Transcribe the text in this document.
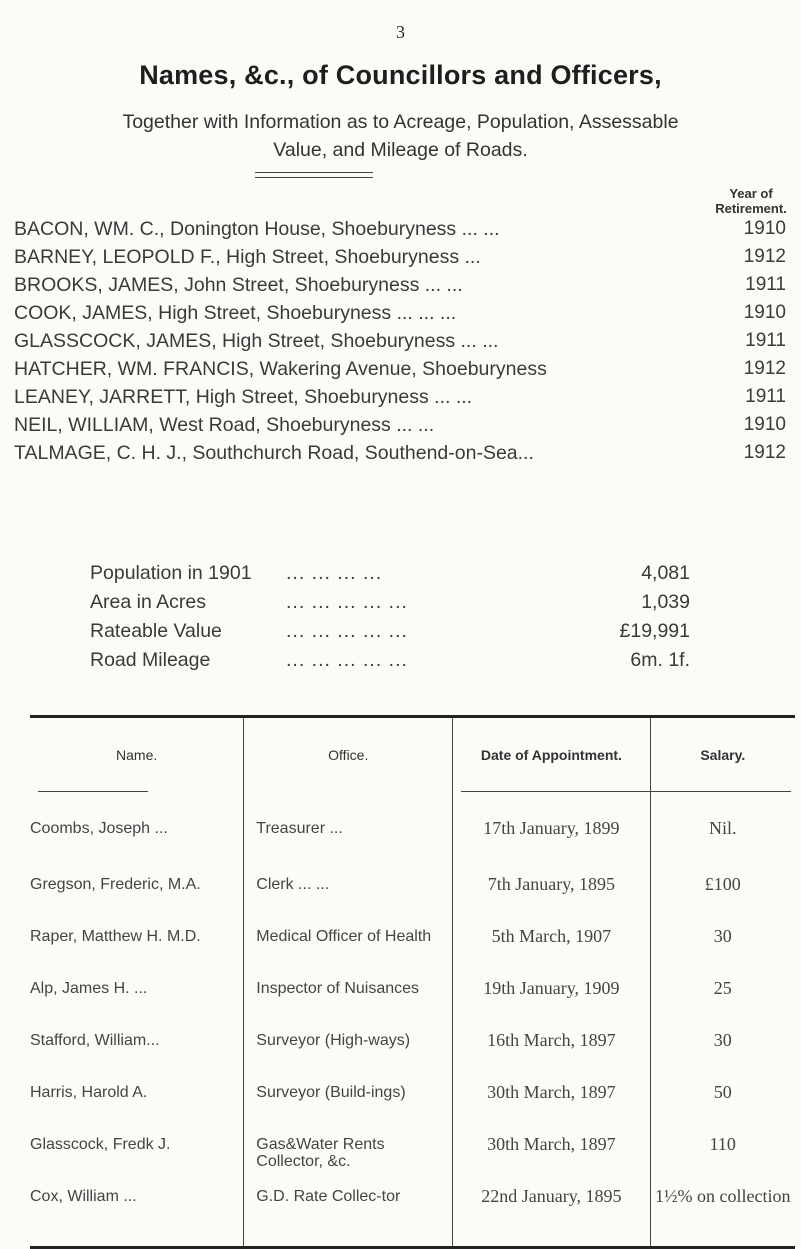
3
Names, &c., of Councillors and Officers,
Together with Information as to Acreage, Population, Assessable
Value, and Mileage of Roads.
Year of
Retirement.
BACON, WM. C., Donington House, Shoeburyness ... ...	1910
BARNEY, LEOPOLD F., High Street, Shoeburyness ...	1912
BROOKS, JAMES, John Street, Shoeburyness ... ...	1911
COOK, JAMES, High Street, Shoeburyness ... ... ...	1910
GLASSCOCK, JAMES, High Street, Shoeburyness ... ...	1911
HATCHER, WM. FRANCIS, Wakering Avenue, Shoeburyness	1912
LEANEY, JARRETT, High Street, Shoeburyness ... ...	1911
NEIL, WILLIAM, West Road, Shoeburyness ... ...	1910
TALMAGE, C. H. J., Southchurch Road, Southend-on-Sea...	1912
Population in 1901 ... ... ... ...	4,081
Area in Acres	... ... ... ... ...	1,039
Rateable Value	... ... ... ... ...	£19,991
Road Mileage	... ... ... ... ...	6m. 1f.
Name.	Office.	Date of Appointment.	Salary.

Coombs, Joseph ...	Treasurer ...	17th January, 1899	Nil.
Gregson, Frederic, M.A.	Clerk ... ...	7th January, 1895	£100
Raper, Matthew H. M.D.	Medical Officer of Health	5th March, 1907	30
Alp, James H. ...	Inspector of Nuisances	19th January, 1909	25
Stafford, William...	Surveyor (High-ways)	16th March, 1897	30
Harris, Harold A.	Surveyor (Build-ings)	30th March, 1897	50
Glasscock, Fredk J.	Gas&Water Rents Collector, &c.	30th March, 1897	110
Cox, William ...	G.D. Rate Collec-tor	22nd January, 1895	1½% on collection
